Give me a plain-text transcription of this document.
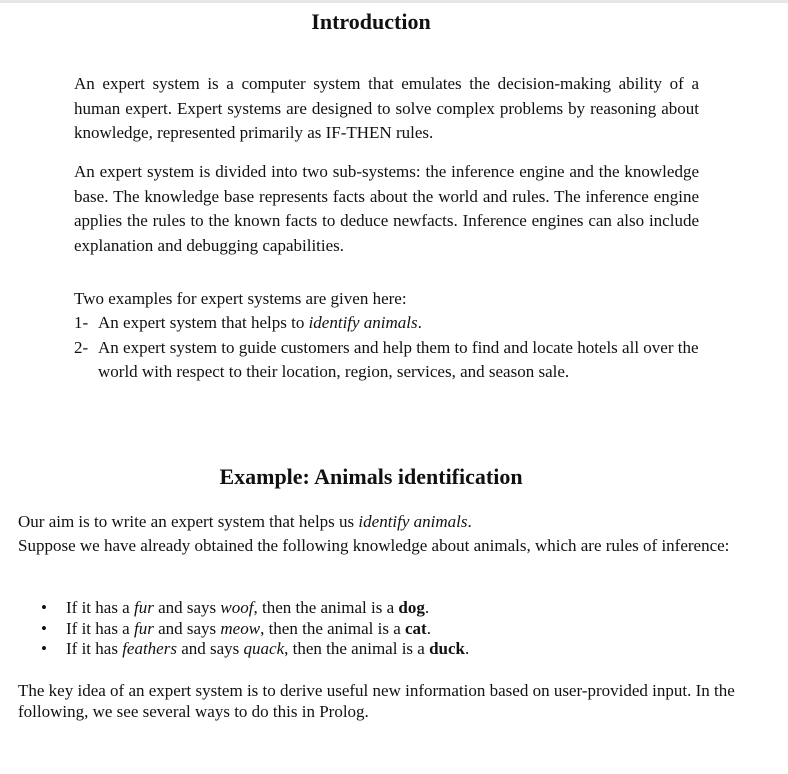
Introduction

An expert system is a computer system that emulates the decision-making ability of a human expert. Expert systems are designed to solve complex problems by reasoning about knowledge, represented primarily as IF-THEN rules.

An expert system is divided into two sub-systems: the inference engine and the knowledge base. The knowledge base represents facts about the world and rules. The inference engine applies the rules to the known facts to deduce newfacts. Inference engines can also include explanation and debugging capabilities.

Two examples for expert systems are given here:

1- An expert system that helps to identify animals.
2- An expert system to guide customers and help them to find and locate hotels all over the world with respect to their location, region, services, and season sale.
Example: Animals identification

Our aim is to write an expert system that helps us identify animals.
Suppose we have already obtained the following knowledge about animals, which are rules of inference:

• If it has a fur and says woof, then the animal is a dog.
• If it has a fur and says meow, then the animal is a cat.
• If it has feathers and says quack, then the animal is a duck.

The key idea of an expert system is to derive useful new information based on user-provided input. In the following, we see several ways to do this in Prolog.
